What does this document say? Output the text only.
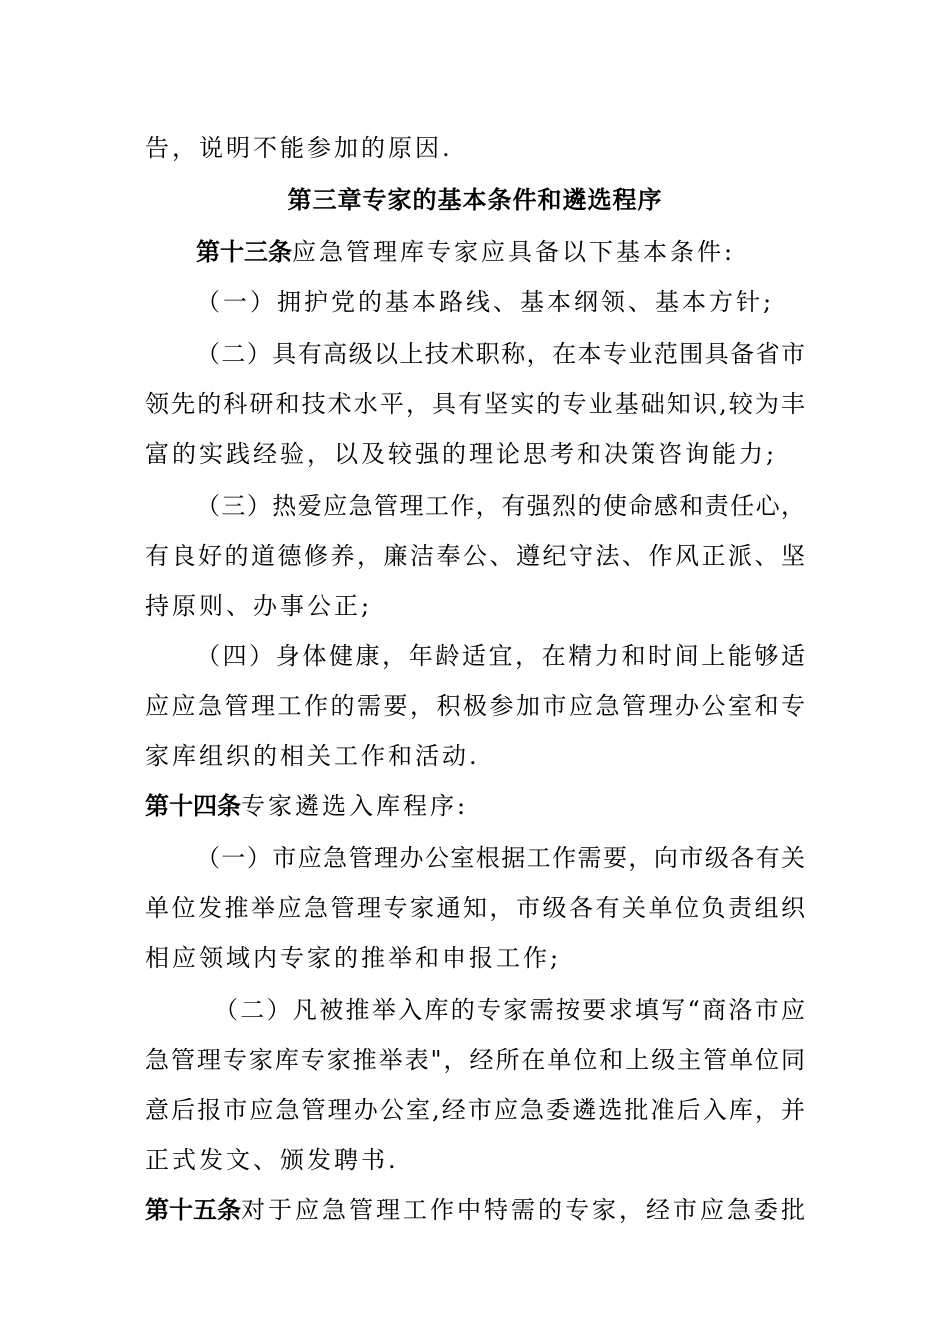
告，说明不能参加的原因.
第三章专家的基本条件和遴选程序
第十三条应急管理库专家应具备以下基本条件:
（一）拥护党的基本路线、基本纲领、基本方针;
（二）具有高级以上技术职称，在本专业范围具备省市
领先的科研和技术水平，具有坚实的专业基础知识,较为丰
富的实践经验，以及较强的理论思考和决策咨询能力;
（三）热爱应急管理工作，有强烈的使命感和责任心，
有良好的道德修养，廉洁奉公、遵纪守法、作风正派、坚
持原则、办事公正;
（四）身体健康，年龄适宜，在精力和时间上能够适
应应急管理工作的需要，积极参加市应急管理办公室和专
家库组织的相关工作和活动.
第十四条专家遴选入库程序:
（一）市应急管理办公室根据工作需要，向市级各有关
单位发推举应急管理专家通知，市级各有关单位负责组织
相应领域内专家的推举和申报工作;
（二）凡被推举入库的专家需按要求填写“商洛市应
急管理专家库专家推举表"，经所在单位和上级主管单位同
意后报市应急管理办公室,经市应急委遴选批准后入库，并
正式发文、颁发聘书.
第十五条对于应急管理工作中特需的专家，经市应急委批
